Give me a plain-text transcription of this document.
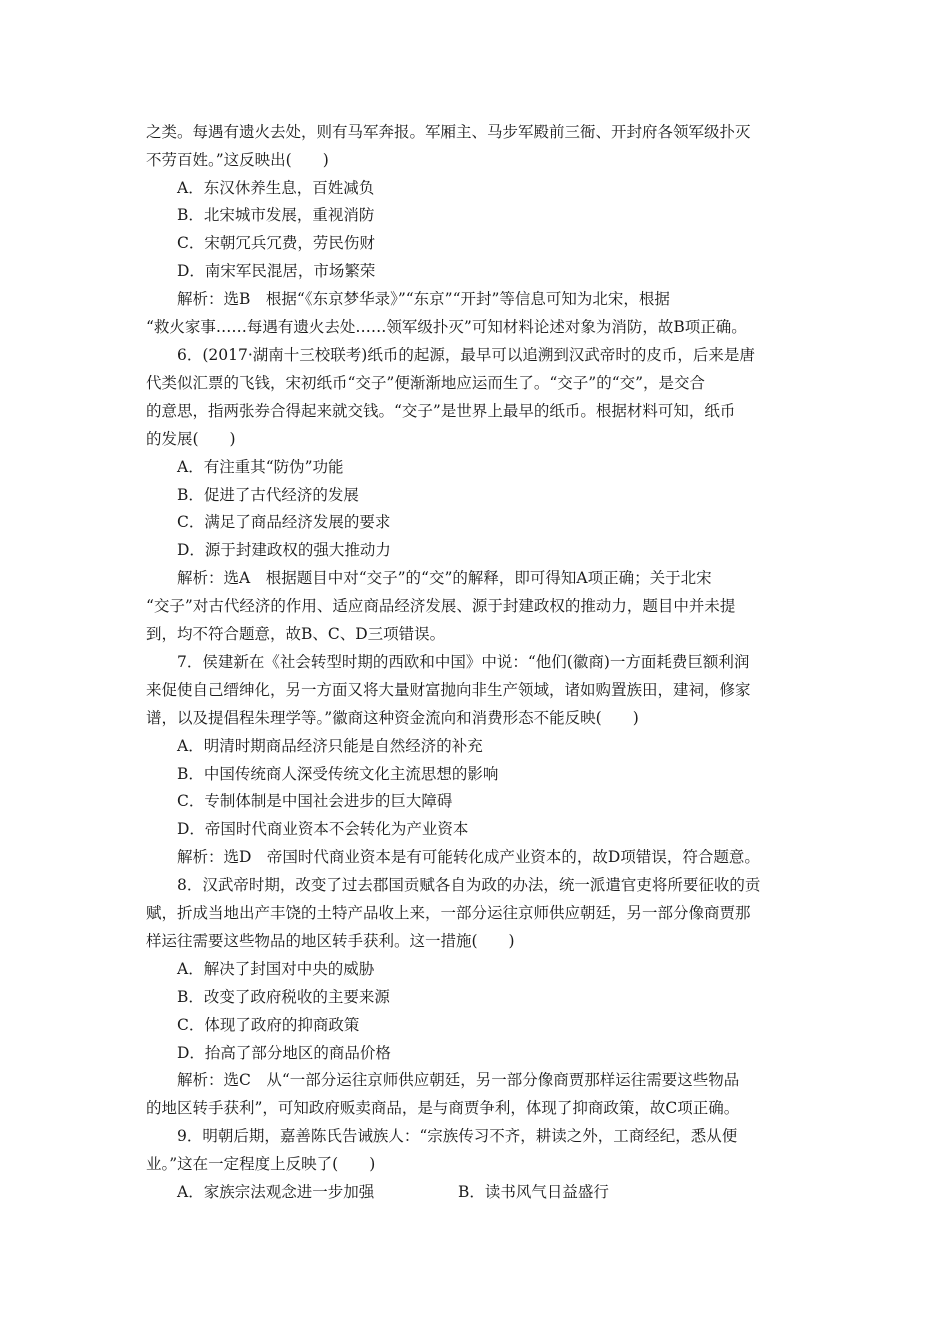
之类。每遇有遗火去处，则有马军奔报。军厢主、马步军殿前三衙、开封府各领军级扑灭
不劳百姓。”这反映出(　　)
A．东汉休养生息，百姓减负
B．北宋城市发展，重视消防
C．宋朝冗兵冗费，劳民伤财
D．南宋军民混居，市场繁荣
解析：选B　根据“《东京梦华录》”“东京”“开封”等信息可知为北宋，根据
“救火家事……每遇有遗火去处……领军级扑灭”可知材料论述对象为消防，故B项正确。
6．(2017·湖南十三校联考)纸币的起源，最早可以追溯到汉武帝时的皮币，后来是唐
代类似汇票的飞钱，宋初纸币“交子”便渐渐地应运而生了。“交子”的“交”，是交合
的意思，指两张券合得起来就交钱。“交子”是世界上最早的纸币。根据材料可知，纸币
的发展(　　)
A．有注重其“防伪”功能
B．促进了古代经济的发展
C．满足了商品经济发展的要求
D．源于封建政权的强大推动力
解析：选A　根据题目中对“交子”的“交”的解释，即可得知A项正确；关于北宋
“交子”对古代经济的作用、适应商品经济发展、源于封建政权的推动力，题目中并未提
到，均不符合题意，故B、C、D三项错误。
7．侯建新在《社会转型时期的西欧和中国》中说：“他们(徽商)一方面耗费巨额利润
来促使自己缙绅化，另一方面又将大量财富抛向非生产领域，诸如购置族田，建祠，修家
谱，以及提倡程朱理学等。”徽商这种资金流向和消费形态不能反映(　　)
A．明清时期商品经济只能是自然经济的补充
B．中国传统商人深受传统文化主流思想的影响
C．专制体制是中国社会进步的巨大障碍
D．帝国时代商业资本不会转化为产业资本
解析：选D　帝国时代商业资本是有可能转化成产业资本的，故D项错误，符合题意。
8．汉武帝时期，改变了过去郡国贡赋各自为政的办法，统一派遣官吏将所要征收的贡
赋，折成当地出产丰饶的土特产品收上来，一部分运往京师供应朝廷，另一部分像商贾那
样运往需要这些物品的地区转手获利。这一措施(　　)
A．解决了封国对中央的威胁
B．改变了政府税收的主要来源
C．体现了政府的抑商政策
D．抬高了部分地区的商品价格
解析：选C　从“一部分运往京师供应朝廷，另一部分像商贾那样运往需要这些物品
的地区转手获利”，可知政府贩卖商品，是与商贾争利，体现了抑商政策，故C项正确。
9．明朝后期，嘉善陈氏告诫族人：“宗族传习不齐，耕读之外，工商经纪，悉从便
业。”这在一定程度上反映了(　　)
A．家族宗法观念进一步加强	B．读书风气日益盛行
